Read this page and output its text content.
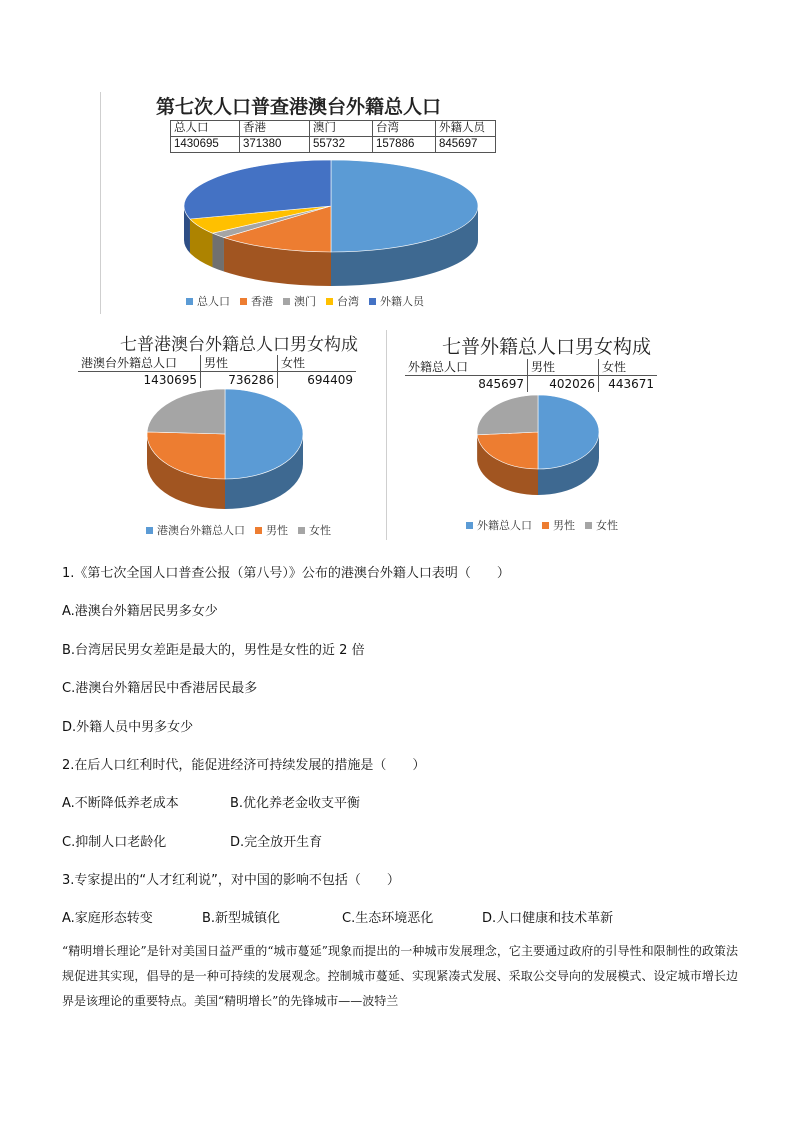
第七次人口普查港澳台外籍总人口
总人口	香港	澳门	台湾	外籍人员
1430695	371380	55732	157886	845697
总人口 香港 澳门 台湾 外籍人员
七普港澳台外籍总人口男女构成
港澳台外籍总人口	男性	女性
1430695	736286	694409
港澳台外籍总人口 男性 女性
七普外籍总人口男女构成
外籍总人口	男性	女性
845697	402026	443671
外籍总人口 男性 女性
1.《第七次全国人口普查公报（第八号）》公布的港澳台外籍人口表明（　　）
A.港澳台外籍居民男多女少
B.台湾居民男女差距是最大的，男性是女性的近 2 倍
C.港澳台外籍居民中香港居民最多
D.外籍人员中男多女少
2.在后人口红利时代，能促进经济可持续发展的措施是（　　）
A.不断降低养老成本	B.优化养老金收支平衡
C.抑制人口老龄化	D.完全放开生育
3.专家提出的“人才红利说”，对中国的影响不包括（　　）
A.家庭形态转变	B.新型城镇化	C.生态环境恶化	D.人口健康和技术革新
“精明增长理论”是针对美国日益严重的“城市蔓延”现象而提出的一种城市发展理念，它主要通过政府的引导性和限制性的政策法规促进其实现，倡导的是一种可持续的发展观念。控制城市蔓延、实现紧凑式发展、采取公交导向的发展模式、设定城市增长边界是该理论的重要特点。美国“精明增长”的先锋城市——波特兰
